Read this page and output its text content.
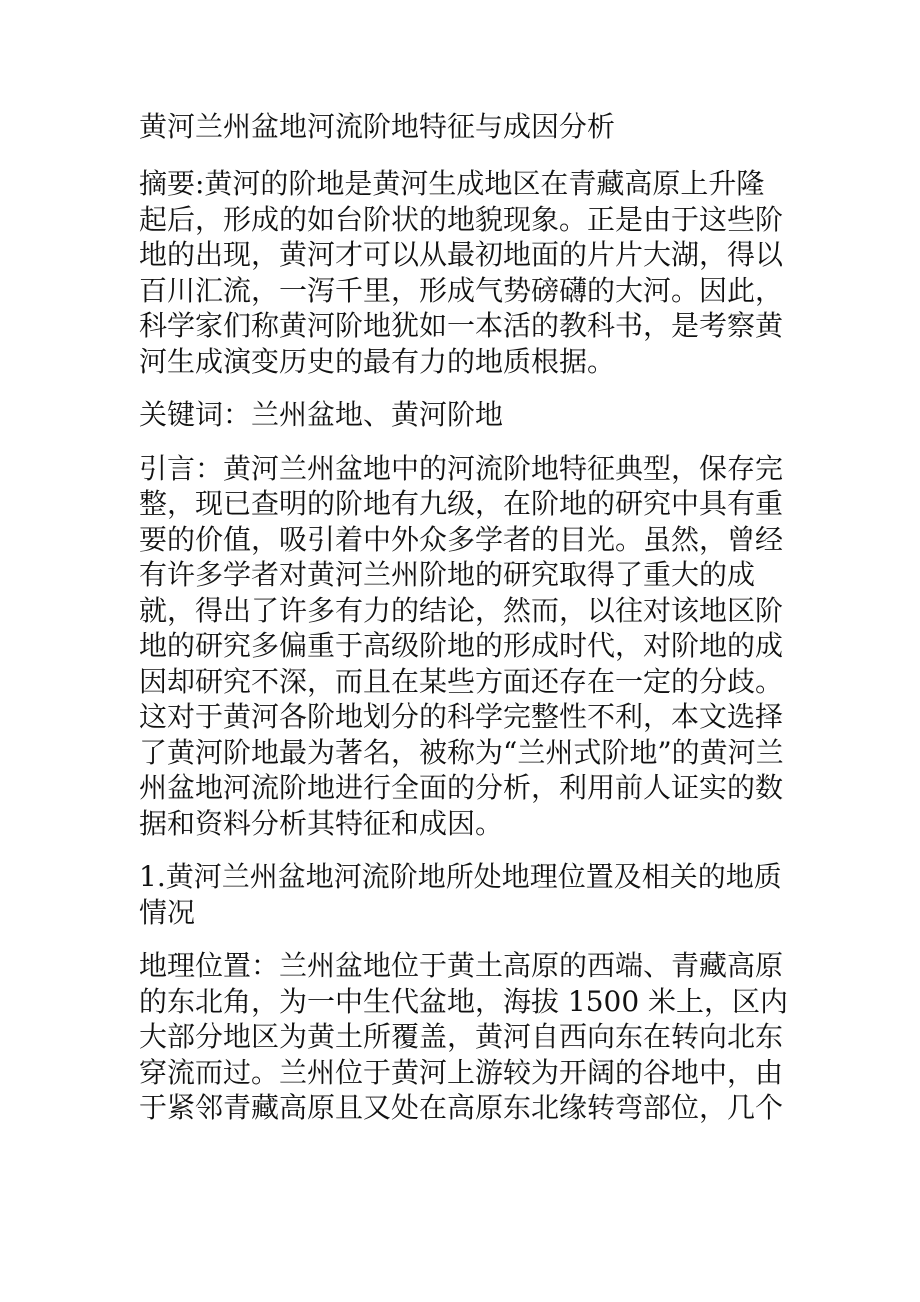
黄河兰州盆地河流阶地特征与成因分析

摘要:黄河的阶地是黄河生成地区在青藏高原上升隆起后，形成的如台阶状的地貌现象。正是由于这些阶地的出现，黄河才可以从最初地面的片片大湖，得以百川汇流，一泻千里，形成气势磅礴的大河。因此，科学家们称黄河阶地犹如一本活的教科书，是考察黄河生成演变历史的最有力的地质根据。

关键词：兰州盆地、黄河阶地

引言：黄河兰州盆地中的河流阶地特征典型，保存完整，现已查明的阶地有九级，在阶地的研究中具有重要的价值，吸引着中外众多学者的目光。虽然，曾经有许多学者对黄河兰州阶地的研究取得了重大的成就，得出了许多有力的结论，然而，以往对该地区阶地的研究多偏重于高级阶地的形成时代，对阶地的成因却研究不深，而且在某些方面还存在一定的分歧。这对于黄河各阶地划分的科学完整性不利，本文选择了黄河阶地最为著名，被称为“兰州式阶地”的黄河兰州盆地河流阶地进行全面的分析，利用前人证实的数据和资料分析其特征和成因。

1.黄河兰州盆地河流阶地所处地理位置及相关的地质情况

地理位置：兰州盆地位于黄土高原的西端、青藏高原的东北角，为一中生代盆地，海拔 1500 米上，区内大部分地区为黄土所覆盖，黄河自西向东在转向北东穿流而过。兰州位于黄河上游较为开阔的谷地中，由于紧邻青藏高原且又处在高原东北缘转弯部位，几个
